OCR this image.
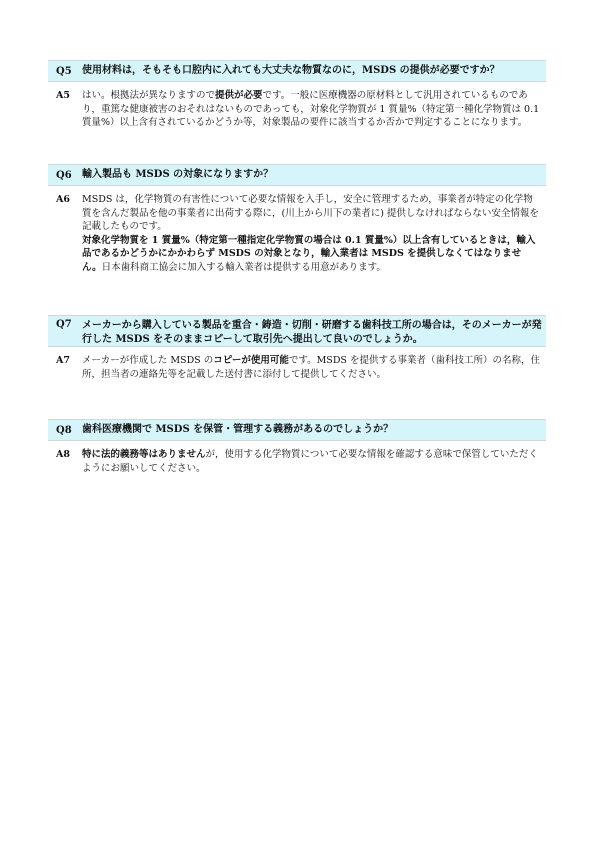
Q5	使用材料は，そもそも口腔内に入れても大丈夫な物質なのに，MSDS の提供が必要ですか？
A5	はい。根拠法が異なりますので提供が必要です。一般に医療機器の原材料として汎用されているものであり，重篤な健康被害のおそれはないものであっても，対象化学物質が 1 質量%（特定第一種化学物質は 0.1 質量%）以上含有されているかどうか等，対象製品の要件に該当するか否かで判定することになります。
Q6	輸入製品も MSDS の対象になりますか？
A6	MSDS は，化学物質の有害性について必要な情報を入手し，安全に管理するため，事業者が特定の化学物質を含んだ製品を他の事業者に出荷する際に，(川上から川下の業者に) 提供しなければならない安全情報を記載したものです。
対象化学物質を 1 質量%（特定第一種指定化学物質の場合は 0.1 質量%）以上含有しているときは，輸入品であるかどうかにかかわらず MSDS の対象となり，輸入業者は MSDS を提供しなくてはなりません。日本歯科商工協会に加入する輸入業者は提供する用意があります。
Q7	メーカーから購入している製品を重合・鋳造・切削・研磨する歯科技工所の場合は，そのメーカーが発行した MSDS をそのままコピーして取引先へ提出して良いのでしょうか。
A7	メーカーが作成した MSDS のコピーが使用可能です。MSDS を提供する事業者（歯科技工所）の名称，住所，担当者の連絡先等を記載した送付書に添付して提供してください。
Q8	歯科医療機関で MSDS を保管・管理する義務があるのでしょうか？
A8	特に法的義務等はありませんが，使用する化学物質について必要な情報を確認する意味で保管していただくようにお願いしてください。
